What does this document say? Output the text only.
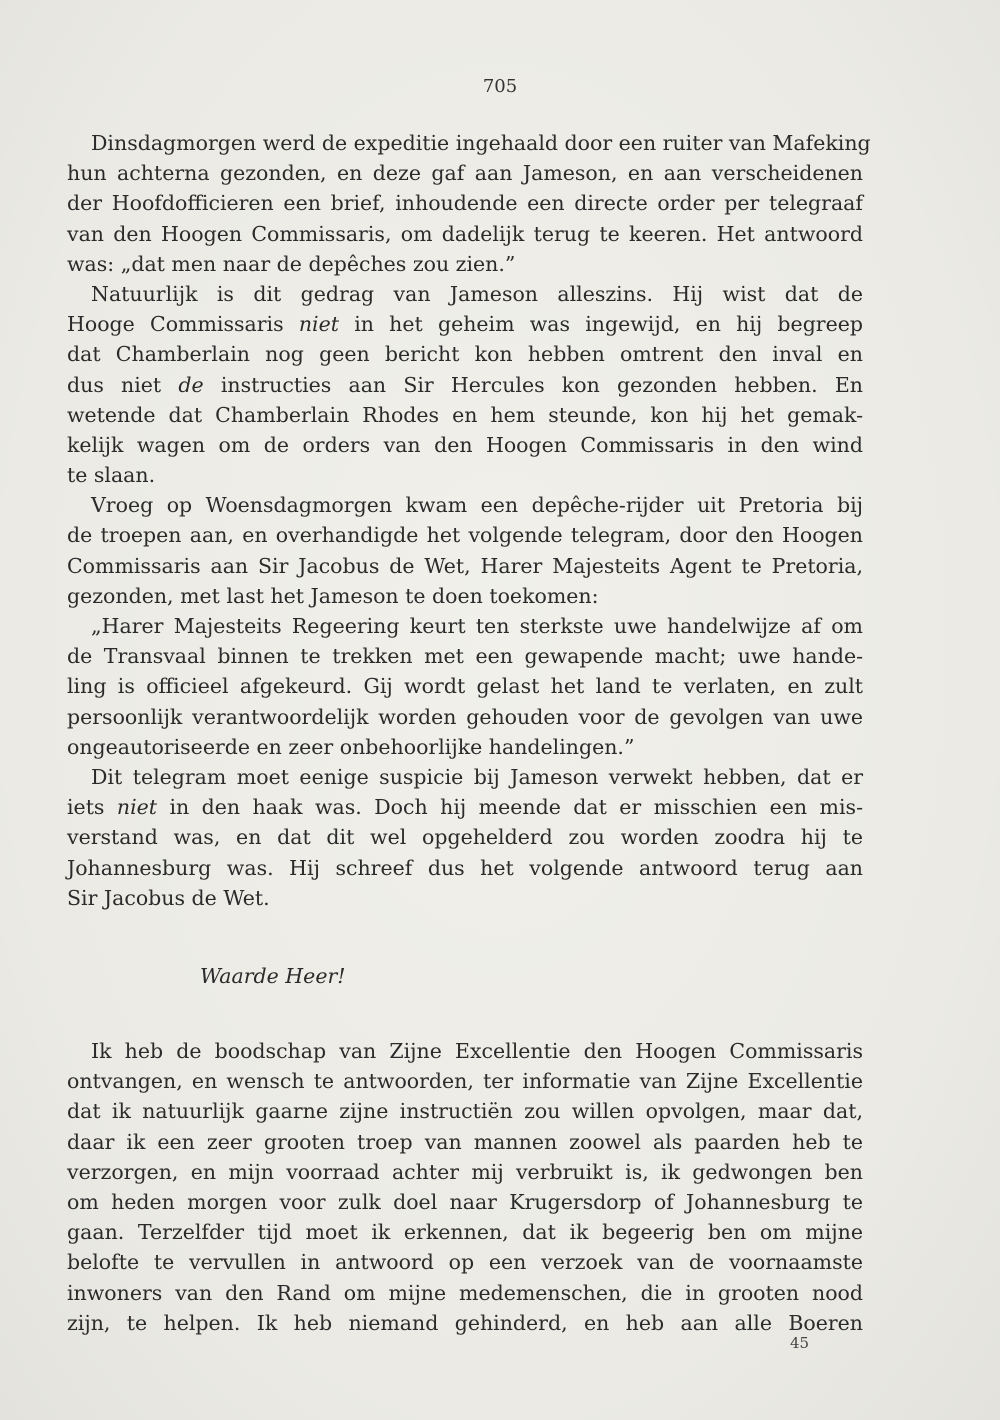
705
Dinsdagmorgen werd de expeditie ingehaald door een ruiter van Mafeking
hun achterna gezonden, en deze gaf aan Jameson, en aan verscheidenen
der Hoofdofficieren een brief, inhoudende een directe order per telegraaf
van den Hoogen Commissaris, om dadelijk terug te keeren. Het antwoord
was: „dat men naar de depêches zou zien.”
Natuurlijk is dit gedrag van Jameson alleszins. Hij wist dat de
Hooge Commissaris niet in het geheim was ingewijd, en hij begreep
dat Chamberlain nog geen bericht kon hebben omtrent den inval en
dus niet de instructies aan Sir Hercules kon gezonden hebben. En
wetende dat Chamberlain Rhodes en hem steunde, kon hij het gemak-
kelijk wagen om de orders van den Hoogen Commissaris in den wind
te slaan.
Vroeg op Woensdagmorgen kwam een depêche-rijder uit Pretoria bij
de troepen aan, en overhandigde het volgende telegram, door den Hoogen
Commissaris aan Sir Jacobus de Wet, Harer Majesteits Agent te Pretoria,
gezonden, met last het Jameson te doen toekomen:
„Harer Majesteits Regeering keurt ten sterkste uwe handelwijze af om
de Transvaal binnen te trekken met een gewapende macht; uwe hande-
ling is officieel afgekeurd. Gij wordt gelast het land te verlaten, en zult
persoonlijk verantwoordelijk worden gehouden voor de gevolgen van uwe
ongeautoriseerde en zeer onbehoorlijke handelingen.”
Dit telegram moet eenige suspicie bij Jameson verwekt hebben, dat er
iets niet in den haak was. Doch hij meende dat er misschien een mis-
verstand was, en dat dit wel opgehelderd zou worden zoodra hij te
Johannesburg was. Hij schreef dus het volgende antwoord terug aan
Sir Jacobus de Wet.
Waarde Heer!
Ik heb de boodschap van Zijne Excellentie den Hoogen Commissaris
ontvangen, en wensch te antwoorden, ter informatie van Zijne Excellentie
dat ik natuurlijk gaarne zijne instructiën zou willen opvolgen, maar dat,
daar ik een zeer grooten troep van mannen zoowel als paarden heb te
verzorgen, en mijn voorraad achter mij verbruikt is, ik gedwongen ben
om heden morgen voor zulk doel naar Krugersdorp of Johannesburg te
gaan. Terzelfder tijd moet ik erkennen, dat ik begeerig ben om mijne
belofte te vervullen in antwoord op een verzoek van de voornaamste
inwoners van den Rand om mijne medemenschen, die in grooten nood
zijn, te helpen. Ik heb niemand gehinderd, en heb aan alle Boeren
45
